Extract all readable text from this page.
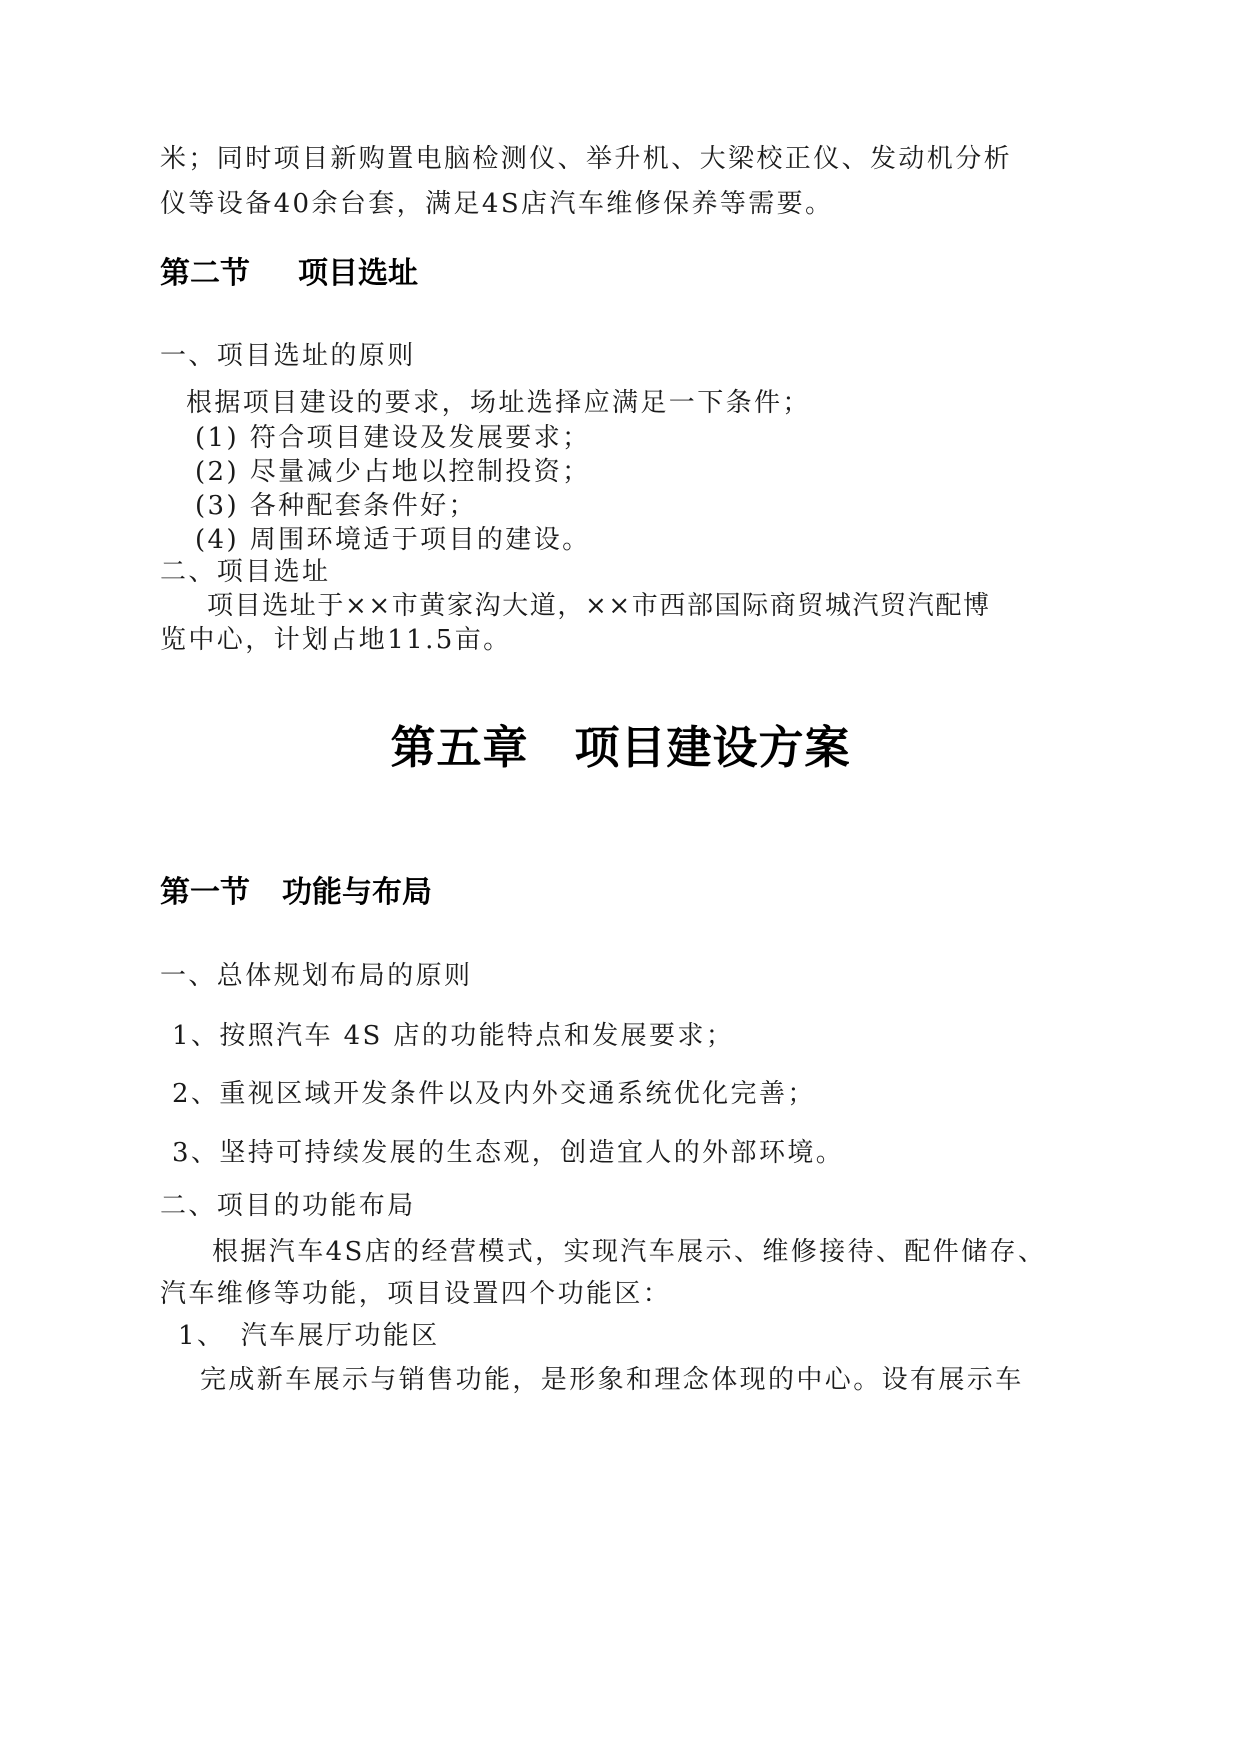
米；同时项目新购置电脑检测仪、举升机、大梁校正仪、发动机分析
仪等设备40余台套，满足4S店汽车维修保养等需要。
第二节 项目选址
一、项目选址的原则
根据项目建设的要求，场址选择应满足一下条件；
(1) 符合项目建设及发展要求；
(2) 尽量减少占地以控制投资；
(3) 各种配套条件好；
(4) 周围环境适于项目的建设。
二、项目选址
项目选址于××市黄家沟大道，××市西部国际商贸城汽贸汽配博
览中心，计划占地11.5亩。
第五章　项目建设方案
第一节 功能与布局
一、总体规划布局的原则
1、按照汽车 4S 店的功能特点和发展要求；
2、重视区域开发条件以及内外交通系统优化完善；
3、坚持可持续发展的生态观，创造宜人的外部环境。
二、项目的功能布局
根据汽车4S店的经营模式，实现汽车展示、维修接待、配件储存、
汽车维修等功能，项目设置四个功能区：
1、　汽车展厅功能区
完成新车展示与销售功能，是形象和理念体现的中心。设有展示车
